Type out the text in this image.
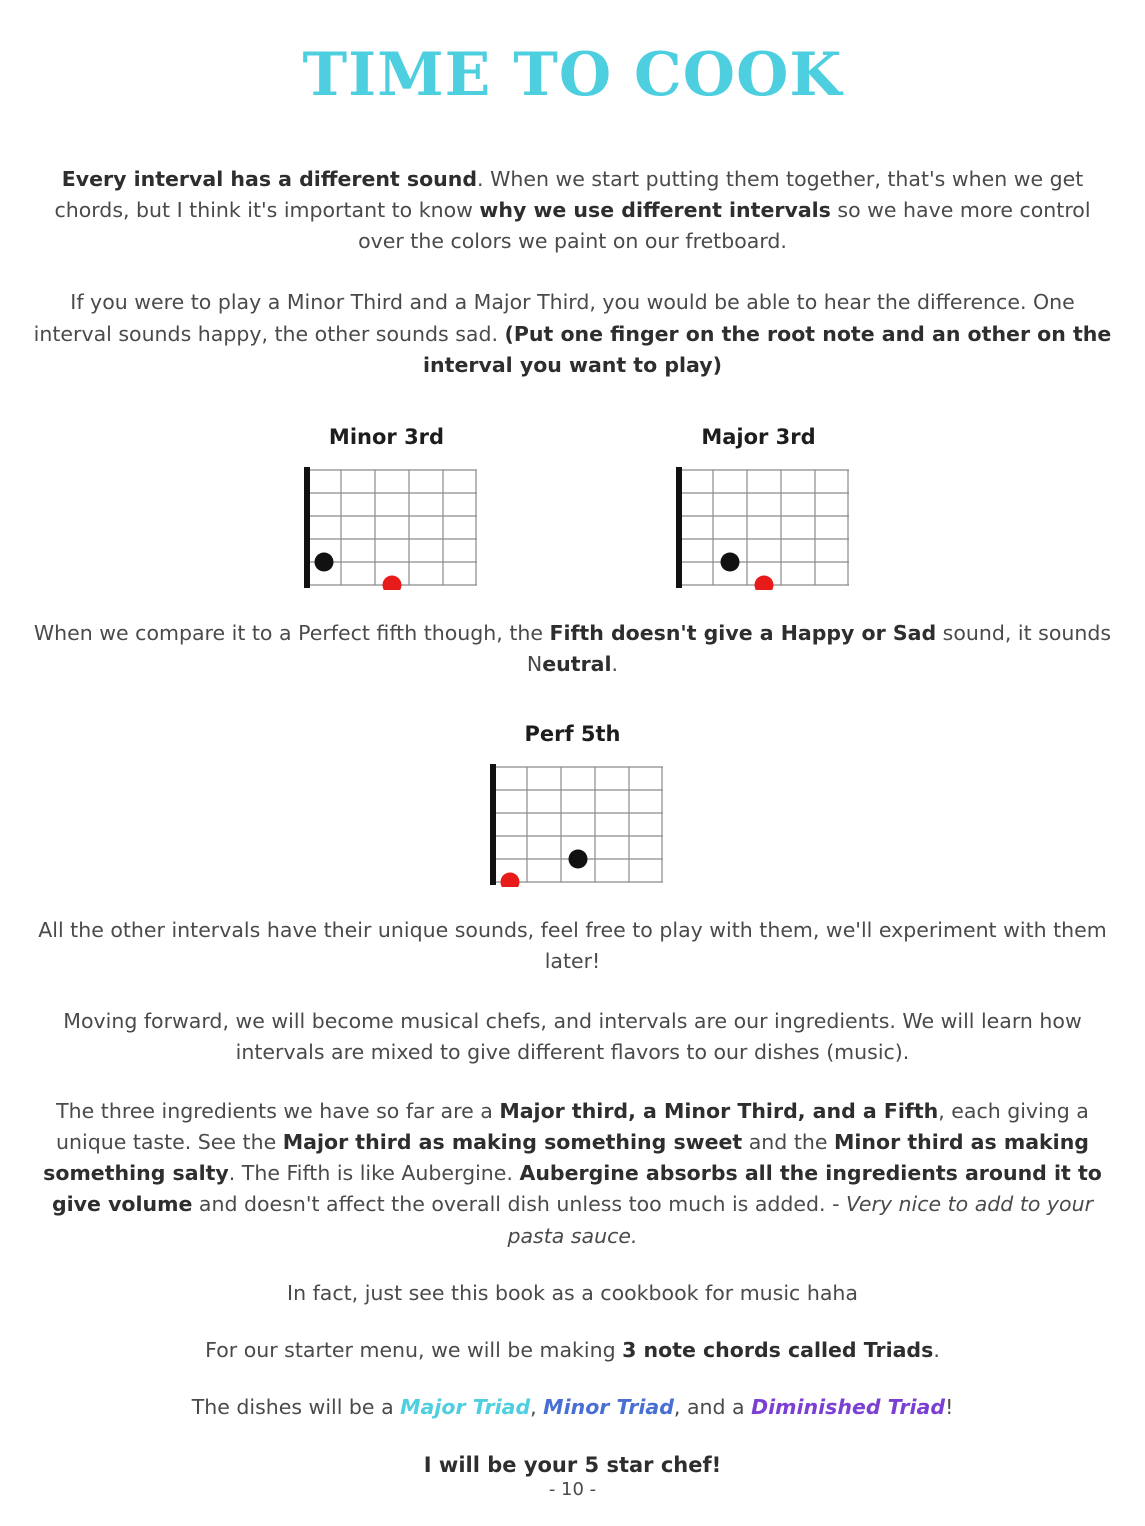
TIME TO COOK

Every interval has a different sound. When we start putting them together, that's when we get chords, but I think it's important to know why we use different intervals so we have more control over the colors we paint on our fretboard.

If you were to play a Minor Third and a Major Third, you would be able to hear the difference. One interval sounds happy, the other sounds sad. (Put one finger on the root note and an other on the interval you want to play)

Minor 3rd	Major 3rd

When we compare it to a Perfect fifth though, the Fifth doesn't give a Happy or Sad sound, it sounds Neutral.

Perf 5th

All the other intervals have their unique sounds, feel free to play with them, we'll experiment with them later!

Moving forward, we will become musical chefs, and intervals are our ingredients. We will learn how intervals are mixed to give different flavors to our dishes (music).

The three ingredients we have so far are a Major third, a Minor Third, and a Fifth, each giving a unique taste. See the Major third as making something sweet and the Minor third as making something salty. The Fifth is like Aubergine. Aubergine absorbs all the ingredients around it to give volume and doesn't affect the overall dish unless too much is added. - Very nice to add to your pasta sauce.

In fact, just see this book as a cookbook for music haha

For our starter menu, we will be making 3 note chords called Triads.

The dishes will be a Major Triad, Minor Triad, and a Diminished Triad!

I will be your 5 star chef!

- 10 -
